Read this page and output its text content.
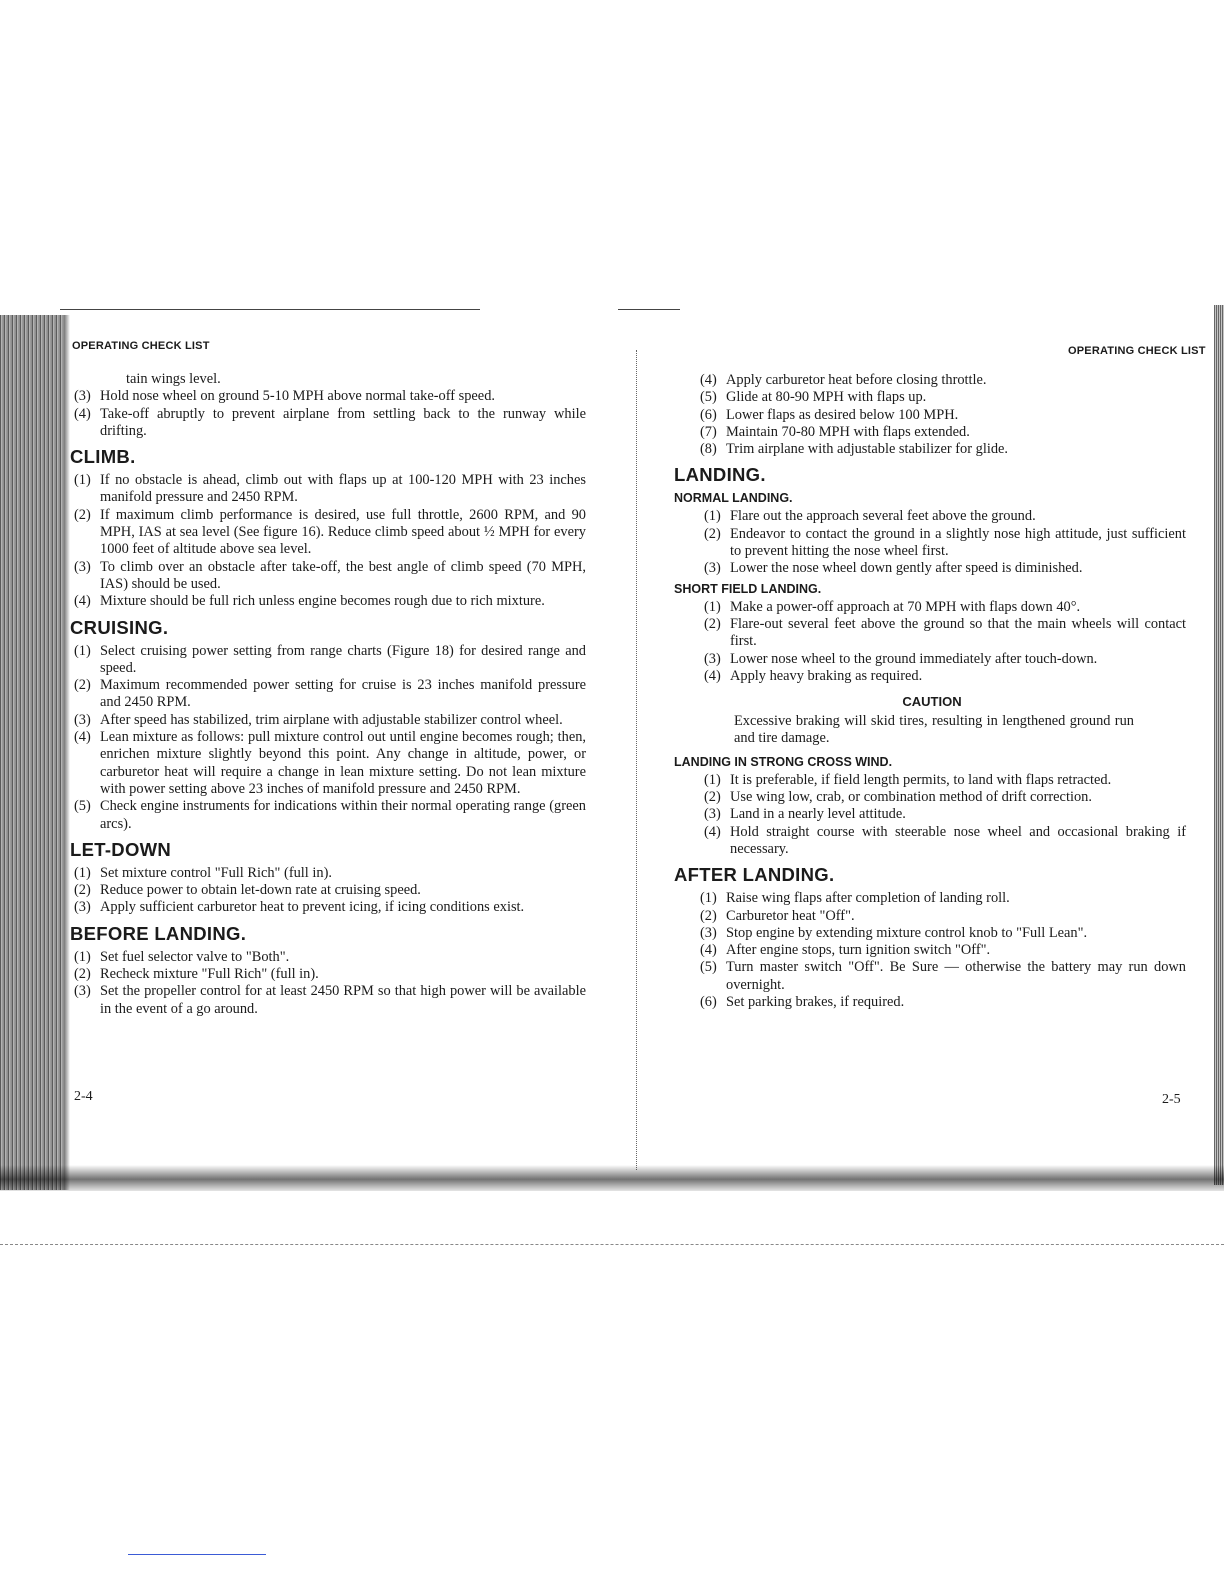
OPERATING CHECK LIST
tain wings level.
(3) Hold nose wheel on ground 5-10 MPH above normal take-off speed.
(4) Take-off abruptly to prevent airplane from settling back to the runway while drifting.
CLIMB.
(1) If no obstacle is ahead, climb out with flaps up at 100-120 MPH with 23 inches manifold pressure and 2450 RPM.
(2) If maximum climb performance is desired, use full throttle, 2600 RPM, and 90 MPH, IAS at sea level (See figure 16). Reduce climb speed about ½ MPH for every 1000 feet of altitude above sea level.
(3) To climb over an obstacle after take-off, the best angle of climb speed (70 MPH, IAS) should be used.
(4) Mixture should be full rich unless engine becomes rough due to rich mixture.
CRUISING.
(1) Select cruising power setting from range charts (Figure 18) for desired range and speed.
(2) Maximum recommended power setting for cruise is 23 inches manifold pressure and 2450 RPM.
(3) After speed has stabilized, trim airplane with adjustable stabilizer control wheel.
(4) Lean mixture as follows: pull mixture control out until engine becomes rough; then, enrichen mixture slightly beyond this point. Any change in altitude, power, or carburetor heat will require a change in lean mixture setting. Do not lean mixture with power setting above 23 inches of manifold pressure and 2450 RPM.
(5) Check engine instruments for indications within their normal operating range (green arcs).
LET-DOWN
(1) Set mixture control "Full Rich" (full in).
(2) Reduce power to obtain let-down rate at cruising speed.
(3) Apply sufficient carburetor heat to prevent icing, if icing conditions exist.
BEFORE LANDING.
(1) Set fuel selector valve to "Both".
(2) Recheck mixture "Full Rich" (full in).
(3) Set the propeller control for at least 2450 RPM so that high power will be available in the event of a go around.
2-4
OPERATING CHECK LIST
(4) Apply carburetor heat before closing throttle.
(5) Glide at 80-90 MPH with flaps up.
(6) Lower flaps as desired below 100 MPH.
(7) Maintain 70-80 MPH with flaps extended.
(8) Trim airplane with adjustable stabilizer for glide.
LANDING.
NORMAL LANDING.
(1) Flare out the approach several feet above the ground.
(2) Endeavor to contact the ground in a slightly nose high attitude, just sufficient to prevent hitting the nose wheel first.
(3) Lower the nose wheel down gently after speed is diminished.
SHORT FIELD LANDING.
(1) Make a power-off approach at 70 MPH with flaps down 40°.
(2) Flare-out several feet above the ground so that the main wheels will contact first.
(3) Lower nose wheel to the ground immediately after touch-down.
(4) Apply heavy braking as required.
CAUTION
Excessive braking will skid tires, resulting in lengthened ground run and tire damage.
LANDING IN STRONG CROSS WIND.
(1) It is preferable, if field length permits, to land with flaps retracted.
(2) Use wing low, crab, or combination method of drift correction.
(3) Land in a nearly level attitude.
(4) Hold straight course with steerable nose wheel and occasional braking if necessary.
AFTER LANDING.
(1) Raise wing flaps after completion of landing roll.
(2) Carburetor heat "Off".
(3) Stop engine by extending mixture control knob to "Full Lean".
(4) After engine stops, turn ignition switch "Off".
(5) Turn master switch "Off". Be Sure — otherwise the battery may run down overnight.
(6) Set parking brakes, if required.
2-5
